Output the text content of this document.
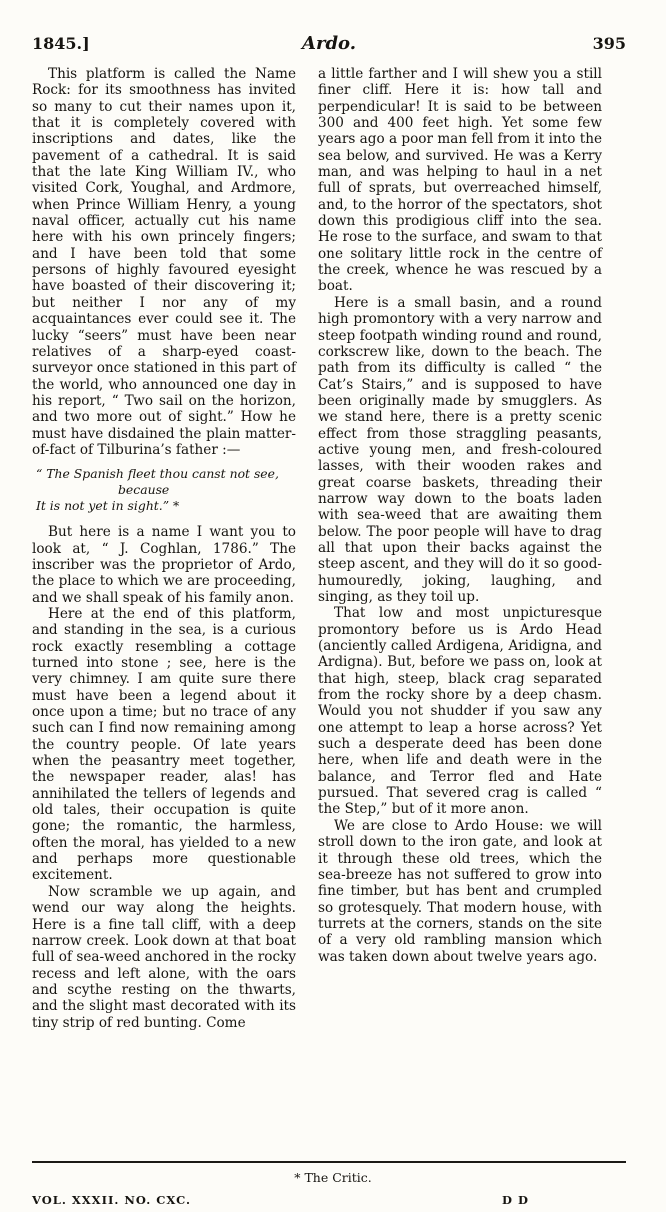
1845.]	Ardo.	395

This platform is called the Name Rock: for its smoothness has invited so many to cut their names upon it, that it is completely covered with inscriptions and dates, like the pavement of a cathedral. It is said that the late King William IV., who visited Cork, Youghal, and Ardmore, when Prince William Henry, a young naval officer, actually cut his name here with his own princely fingers; and I have been told that some persons of highly favoured eyesight have boasted of their discovering it; but neither I nor any of my acquaintances ever could see it. The lucky “seers” must have been near relatives of a sharp-eyed coast-surveyor once stationed in this part of the world, who announced one day in his report, “ Two sail on the horizon, and two more out of sight.” How he must have disdained the plain matter-of-fact of Tilburina’s father :—

“ The Spanish fleet thou canst not see,
because
It is not yet in sight.” *

But here is a name I want you to look at, “ J. Coghlan, 1786.” The inscriber was the proprietor of Ardo, the place to which we are proceeding, and we shall speak of his family anon.

Here at the end of this platform, and standing in the sea, is a curious rock exactly resembling a cottage turned into stone ; see, here is the very chimney. I am quite sure there must have been a legend about it once upon a time; but no trace of any such can I find now remaining among the country people. Of late years when the peasantry meet together, the newspaper reader, alas! has annihilated the tellers of legends and old tales, their occupation is quite gone; the romantic, the harmless, often the moral, has yielded to a new and perhaps more questionable excitement.

Now scramble we up again, and wend our way along the heights. Here is a fine tall cliff, with a deep narrow creek. Look down at that boat full of sea-weed anchored in the rocky recess and left alone, with the oars and scythe resting on the thwarts, and the slight mast decorated with its tiny strip of red bunting. Come

a little farther and I will shew you a still finer cliff. Here it is: how tall and perpendicular! It is said to be between 300 and 400 feet high. Yet some few years ago a poor man fell from it into the sea below, and survived. He was a Kerry man, and was helping to haul in a net full of sprats, but overreached himself, and, to the horror of the spectators, shot down this prodigious cliff into the sea. He rose to the surface, and swam to that one solitary little rock in the centre of the creek, whence he was rescued by a boat.

Here is a small basin, and a round high promontory with a very narrow and steep footpath winding round and round, corkscrew like, down to the beach. The path from its difficulty is called “ the Cat’s Stairs,” and is supposed to have been originally made by smugglers. As we stand here, there is a pretty scenic effect from those straggling peasants, active young men, and fresh-coloured lasses, with their wooden rakes and great coarse baskets, threading their narrow way down to the boats laden with sea-weed that are awaiting them below. The poor people will have to drag all that upon their backs against the steep ascent, and they will do it so good-humouredly, joking, laughing, and singing, as they toil up.

That low and most unpicturesque promontory before us is Ardo Head (anciently called Ardigena, Aridigna, and Ardigna). But, before we pass on, look at that high, steep, black crag separated from the rocky shore by a deep chasm. Would you not shudder if you saw any one attempt to leap a horse across? Yet such a desperate deed has been done here, when life and death were in the balance, and Terror fled and Hate pursued. That severed crag is called “ the Step,” but of it more anon.

We are close to Ardo House: we will stroll down to the iron gate, and look at it through these old trees, which the sea-breeze has not suffered to grow into fine timber, but has bent and crumpled so grotesquely. That modern house, with turrets at the corners, stands on the site of a very old rambling mansion which was taken down about twelve years ago.

* The Critic.
VOL. XXXII. NO. CXC.	D D
